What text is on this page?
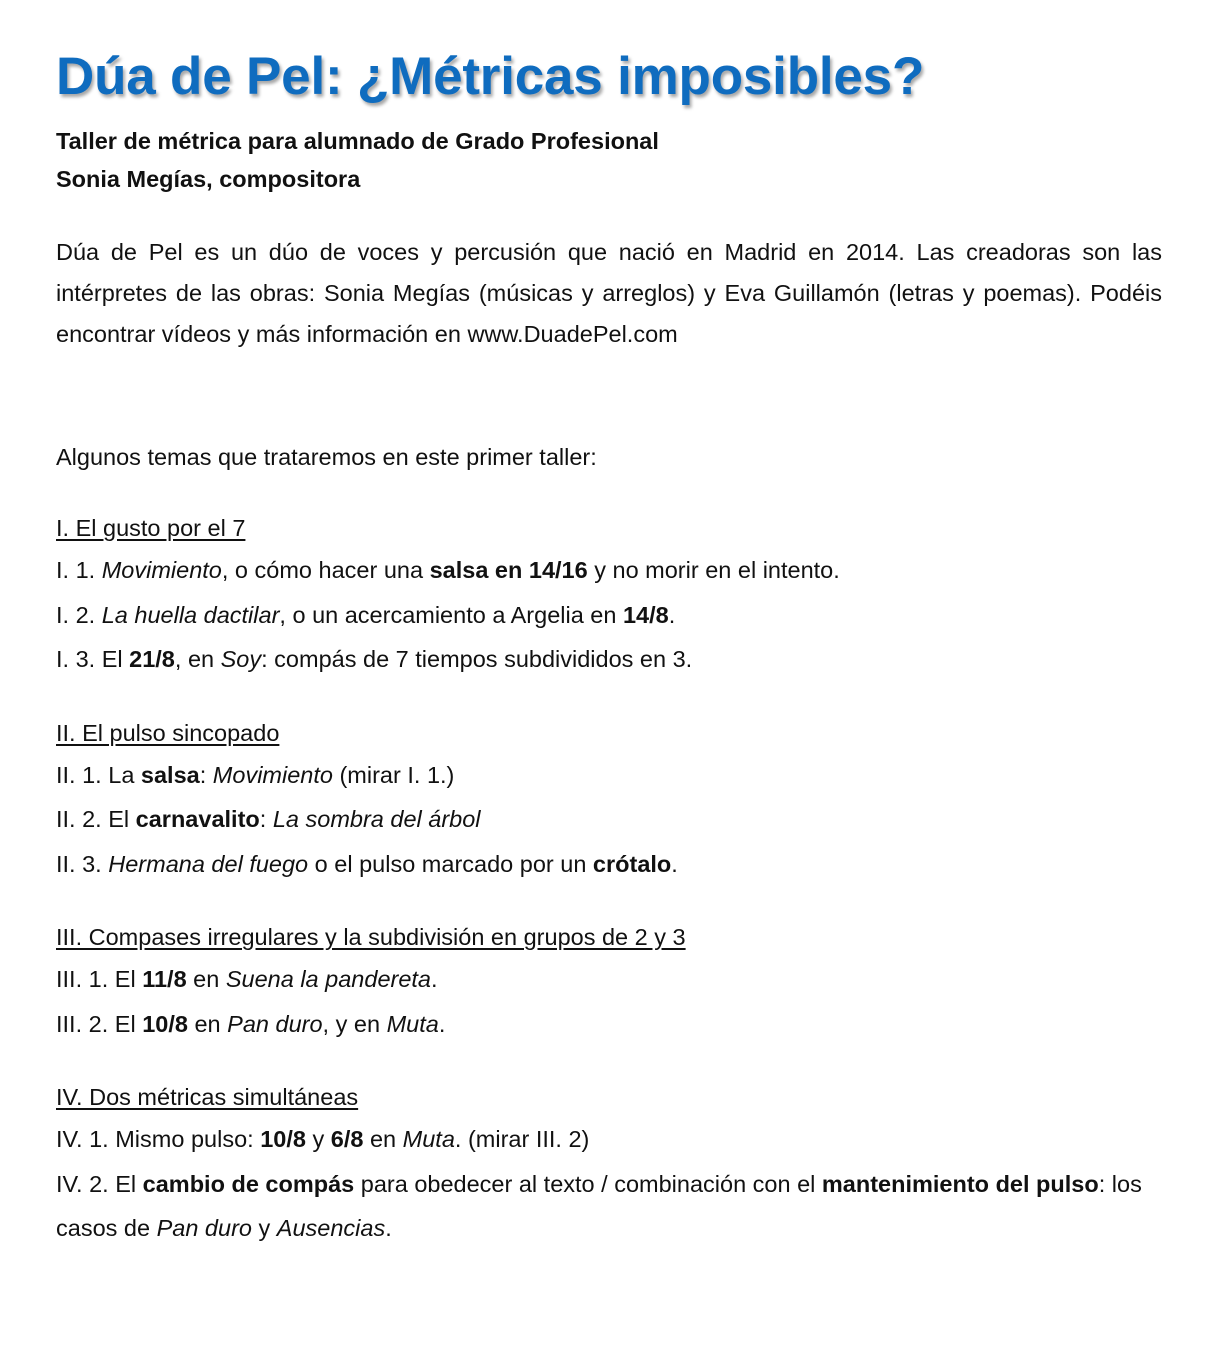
Dúa de Pel: ¿Métricas imposibles?
Taller de métrica para alumnado de Grado Profesional
Sonia Megías, compositora

Dúa de Pel es un dúo de voces y percusión que nació en Madrid en 2014. Las creadoras son las intérpretes de las obras: Sonia Megías (músicas y arreglos) y Eva Guillamón (letras y poemas). Podéis encontrar vídeos y más información en www.DuadePel.com

Algunos temas que trataremos en este primer taller:

I. El gusto por el 7

I. 1. Movimiento, o cómo hacer una salsa en 14/16 y no morir en el intento.

I. 2. La huella dactilar, o un acercamiento a Argelia en 14/8.

I. 3. El 21/8, en Soy: compás de 7 tiempos subdivididos en 3.

II. El pulso sincopado

II. 1. La salsa: Movimiento (mirar I. 1.)

II. 2. El carnavalito: La sombra del árbol

II. 3. Hermana del fuego o el pulso marcado por un crótalo.

III. Compases irregulares y la subdivisión en grupos de 2 y 3

III. 1. El 11/8 en Suena la pandereta.

III. 2. El 10/8 en Pan duro, y en Muta.

IV. Dos métricas simultáneas

IV. 1. Mismo pulso: 10/8 y 6/8 en Muta. (mirar III. 2)

IV. 2. El cambio de compás para obedecer al texto / combinación con el mantenimiento del pulso: los casos de Pan duro y Ausencias.
